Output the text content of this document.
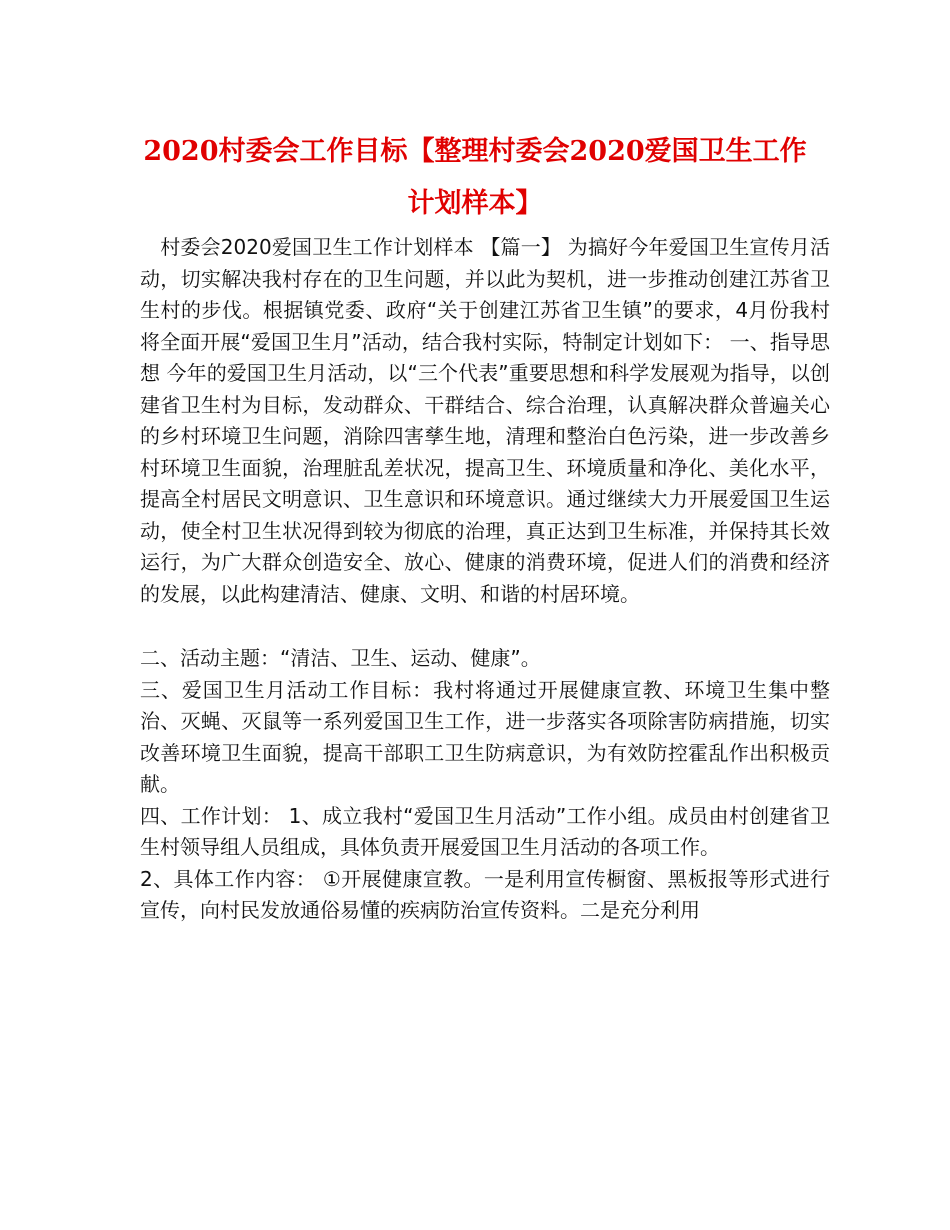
2020村委会工作目标【整理村委会2020爱国卫生工作计划样本】

　村委会2020爱国卫生工作计划样本 【篇一】 为搞好今年爱国卫生宣传月活动，切实解决我村存在的卫生问题，并以此为契机，进一步推动创建江苏省卫生村的步伐。根据镇党委、政府“关于创建江苏省卫生镇”的要求，4月份我村将全面开展“爱国卫生月”活动，结合我村实际，特制定计划如下： 一、指导思想 今年的爱国卫生月活动，以“三个代表”重要思想和科学发展观为指导，以创建省卫生村为目标，发动群众、干群结合、综合治理，认真解决群众普遍关心的乡村环境卫生问题，消除四害孳生地，清理和整治白色污染，进一步改善乡村环境卫生面貌，治理脏乱差状况，提高卫生、环境质量和净化、美化水平，提高全村居民文明意识、卫生意识和环境意识。通过继续大力开展爱国卫生运动，使全村卫生状况得到较为彻底的治理，真正达到卫生标准，并保持其长效运行，为广大群众创造安全、放心、健康的消费环境，促进人们的消费和经济的发展，以此构建清洁、健康、文明、和谐的村居环境。

二、活动主题：“清洁、卫生、运动、健康”。

三、爱国卫生月活动工作目标：我村将通过开展健康宣教、环境卫生集中整治、灭蝇、灭鼠等一系列爱国卫生工作，进一步落实各项除害防病措施，切实改善环境卫生面貌，提高干部职工卫生防病意识，为有效防控霍乱作出积极贡献。

四、工作计划： 1、成立我村“爱国卫生月活动”工作小组。成员由村创建省卫生村领导组人员组成，具体负责开展爱国卫生月活动的各项工作。

2、具体工作内容： ①开展健康宣教。一是利用宣传橱窗、黑板报等形式进行宣传，向村民发放通俗易懂的疾病防治宣传资料。二是充分利用
